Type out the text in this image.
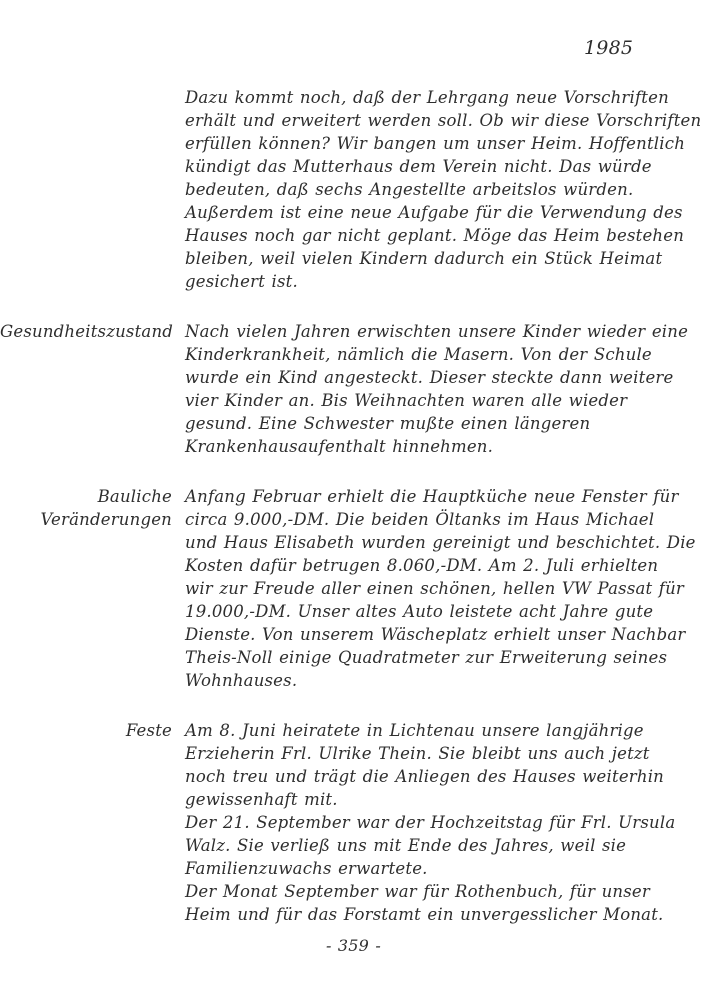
1985
Dazu kommt noch, daß der Lehrgang neue Vorschriften
erhält und erweitert werden soll. Ob wir diese Vorschriften
erfüllen können? Wir bangen um unser Heim. Hoffentlich
kündigt das Mutterhaus dem Verein nicht. Das würde
bedeuten, daß sechs Angestellte arbeitslos würden.
Außerdem ist eine neue Aufgabe für die Verwendung des
Hauses noch gar nicht geplant. Möge das Heim bestehen
bleiben, weil vielen Kindern dadurch ein Stück Heimat
gesichert ist.
Gesundheitszustand Nach vielen Jahren erwischten unsere Kinder wieder eine
Kinderkrankheit, nämlich die Masern. Von der Schule
wurde ein Kind angesteckt. Dieser steckte dann weitere
vier Kinder an. Bis Weihnachten waren alle wieder
gesund. Eine Schwester mußte einen längeren
Krankenhausaufenthalt hinnehmen.
Bauliche
Veränderungen
Anfang Februar erhielt die Hauptküche neue Fenster für
circa 9.000,-DM. Die beiden Öltanks im Haus Michael
und Haus Elisabeth wurden gereinigt und beschichtet. Die
Kosten dafür betrugen 8.060,-DM. Am 2. Juli erhielten
wir zur Freude aller einen schönen, hellen VW Passat für
19.000,-DM. Unser altes Auto leistete acht Jahre gute
Dienste. Von unserem Wäscheplatz erhielt unser Nachbar
Theis-Noll einige Quadratmeter zur Erweiterung seines
Wohnhauses.
Feste Am 8. Juni heiratete in Lichtenau unsere langjährige
Erzieherin Frl. Ulrike Thein. Sie bleibt uns auch jetzt
noch treu und trägt die Anliegen des Hauses weiterhin
gewissenhaft mit.
Der 21. September war der Hochzeitstag für Frl. Ursula
Walz. Sie verließ uns mit Ende des Jahres, weil sie
Familienzuwachs erwartete.
Der Monat September war für Rothenbuch, für unser
Heim und für das Forstamt ein unvergesslicher Monat.
- 359 -
